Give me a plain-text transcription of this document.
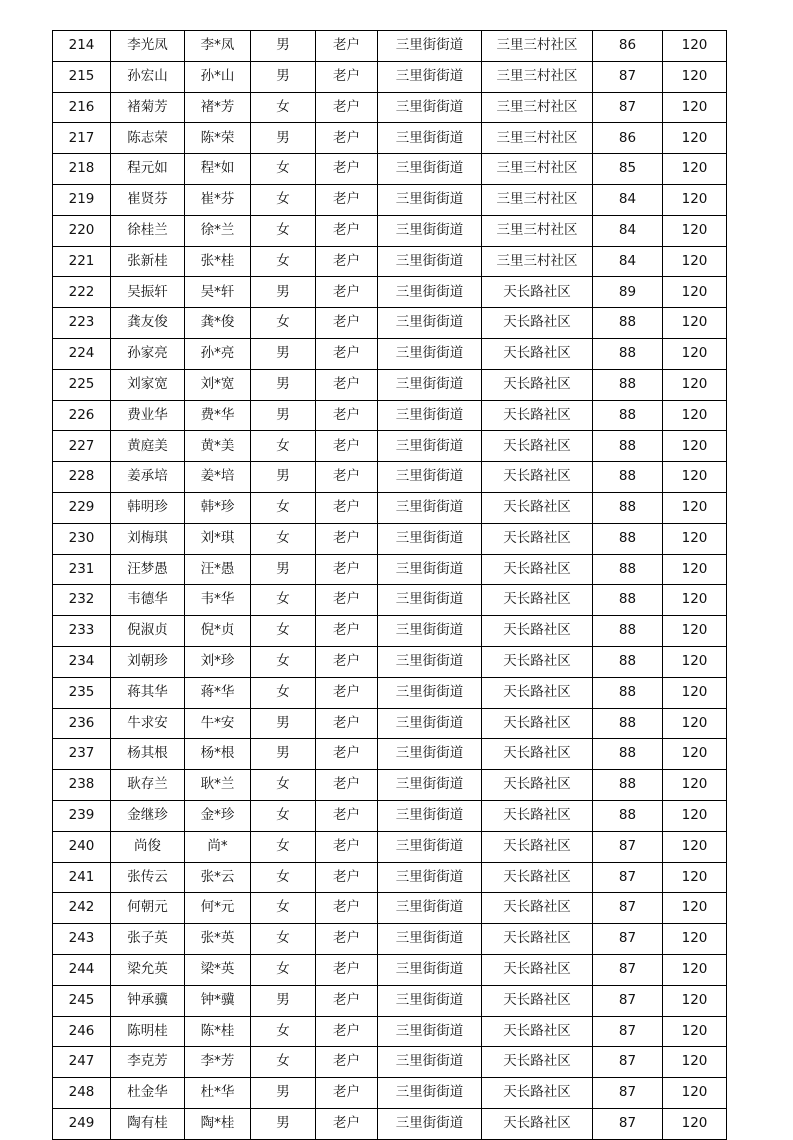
214	李光凤	李*凤	男	老户	三里街街道	三里三村社区	86	120
215	孙宏山	孙*山	男	老户	三里街街道	三里三村社区	87	120
216	褚菊芳	褚*芳	女	老户	三里街街道	三里三村社区	87	120
217	陈志荣	陈*荣	男	老户	三里街街道	三里三村社区	86	120
218	程元如	程*如	女	老户	三里街街道	三里三村社区	85	120
219	崔贤芬	崔*芬	女	老户	三里街街道	三里三村社区	84	120
220	徐桂兰	徐*兰	女	老户	三里街街道	三里三村社区	84	120
221	张新桂	张*桂	女	老户	三里街街道	三里三村社区	84	120
222	吴振轩	吴*轩	男	老户	三里街街道	天长路社区	89	120
223	龚友俊	龚*俊	女	老户	三里街街道	天长路社区	88	120
224	孙家亮	孙*亮	男	老户	三里街街道	天长路社区	88	120
225	刘家宽	刘*宽	男	老户	三里街街道	天长路社区	88	120
226	费业华	费*华	男	老户	三里街街道	天长路社区	88	120
227	黄庭美	黄*美	女	老户	三里街街道	天长路社区	88	120
228	姜承培	姜*培	男	老户	三里街街道	天长路社区	88	120
229	韩明珍	韩*珍	女	老户	三里街街道	天长路社区	88	120
230	刘梅琪	刘*琪	女	老户	三里街街道	天长路社区	88	120
231	汪梦愚	汪*愚	男	老户	三里街街道	天长路社区	88	120
232	韦德华	韦*华	女	老户	三里街街道	天长路社区	88	120
233	倪淑贞	倪*贞	女	老户	三里街街道	天长路社区	88	120
234	刘朝珍	刘*珍	女	老户	三里街街道	天长路社区	88	120
235	蒋其华	蒋*华	女	老户	三里街街道	天长路社区	88	120
236	牛求安	牛*安	男	老户	三里街街道	天长路社区	88	120
237	杨其根	杨*根	男	老户	三里街街道	天长路社区	88	120
238	耿存兰	耿*兰	女	老户	三里街街道	天长路社区	88	120
239	金继珍	金*珍	女	老户	三里街街道	天长路社区	88	120
240	尚俊	尚*	女	老户	三里街街道	天长路社区	87	120
241	张传云	张*云	女	老户	三里街街道	天长路社区	87	120
242	何朝元	何*元	女	老户	三里街街道	天长路社区	87	120
243	张子英	张*英	女	老户	三里街街道	天长路社区	87	120
244	梁允英	梁*英	女	老户	三里街街道	天长路社区	87	120
245	钟承骥	钟*骥	男	老户	三里街街道	天长路社区	87	120
246	陈明桂	陈*桂	女	老户	三里街街道	天长路社区	87	120
247	李克芳	李*芳	女	老户	三里街街道	天长路社区	87	120
248	杜金华	杜*华	男	老户	三里街街道	天长路社区	87	120
249	陶有桂	陶*桂	男	老户	三里街街道	天长路社区	87	120
